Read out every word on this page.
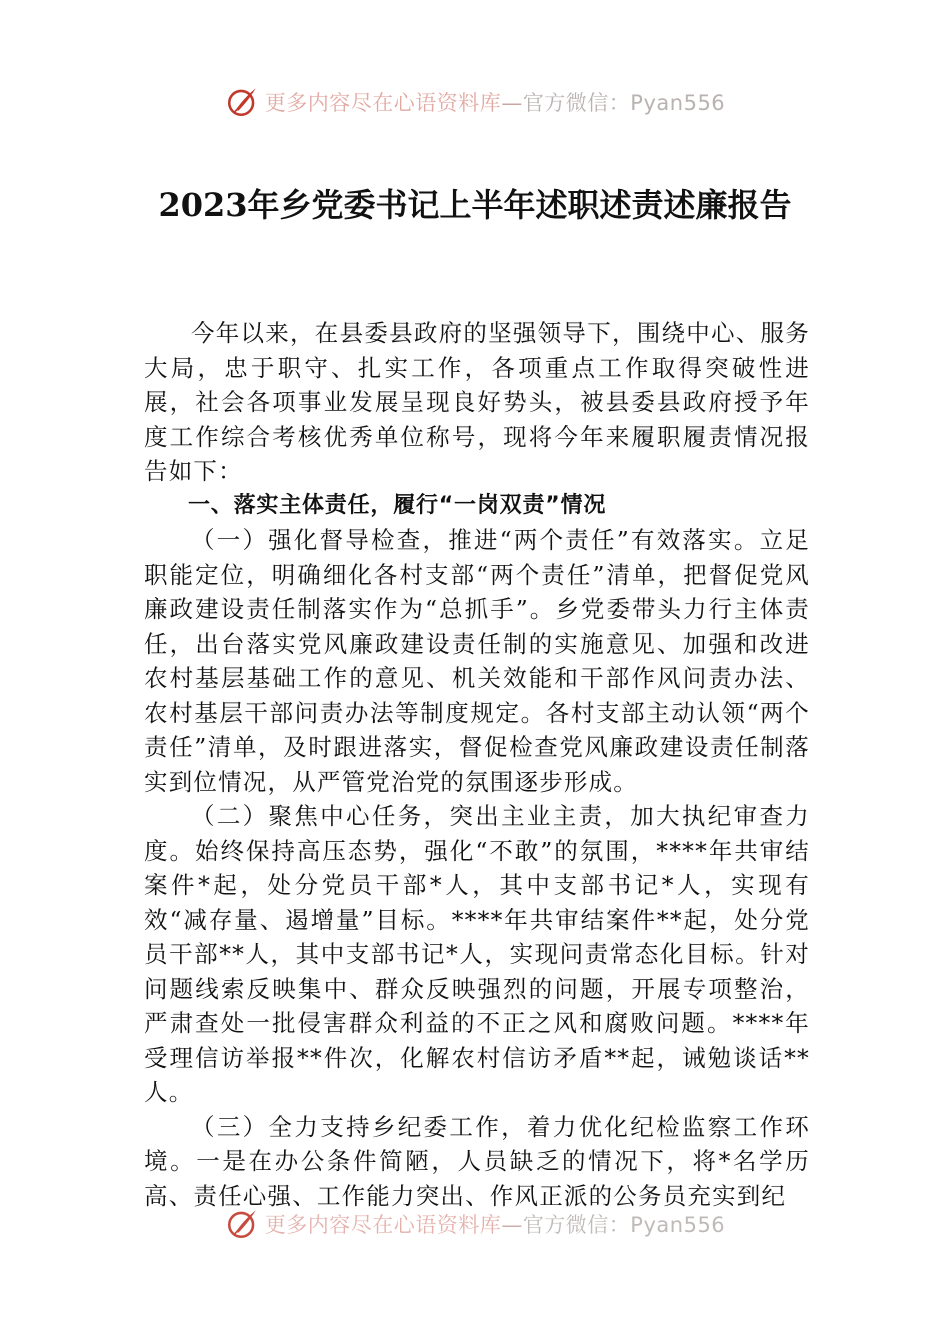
更多内容尽在心语资料库—官方微信：Pyan556
2023年乡党委书记上半年述职述责述廉报告

今年以来，在县委县政府的坚强领导下，围绕中心、服务大局，忠于职守、扎实工作，各项重点工作取得突破性进展，社会各项事业发展呈现良好势头，被县委县政府授予年度工作综合考核优秀单位称号，现将今年来履职履责情况报告如下：

一、落实主体责任，履行“一岗双责”情况

（一）强化督导检查，推进“两个责任”有效落实。立足职能定位，明确细化各村支部“两个责任”清单，把督促党风廉政建设责任制落实作为“总抓手”。乡党委带头力行主体责任，出台落实党风廉政建设责任制的实施意见、加强和改进农村基层基础工作的意见、机关效能和干部作风问责办法、农村基层干部问责办法等制度规定。各村支部主动认领“两个责任”清单，及时跟进落实，督促检查党风廉政建设责任制落实到位情况，从严管党治党的氛围逐步形成。

（二）聚焦中心任务，突出主业主责，加大执纪审查力度。始终保持高压态势，强化“不敢”的氛围，****年共审结案件*起，处分党员干部*人，其中支部书记*人，实现有效“减存量、遏增量”目标。****年共审结案件**起，处分党员干部**人，其中支部书记*人，实现问责常态化目标。针对问题线索反映集中、群众反映强烈的问题，开展专项整治，严肃查处一批侵害群众利益的不正之风和腐败问题。****年受理信访举报**件次，化解农村信访矛盾**起，诫勉谈话**人。

（三）全力支持乡纪委工作，着力优化纪检监察工作环境。一是在办公条件简陋，人员缺乏的情况下，将*名学历高、责任心强、工作能力突出、作风正派的公务员充实到纪

更多内容尽在心语资料库—官方微信：Pyan556
